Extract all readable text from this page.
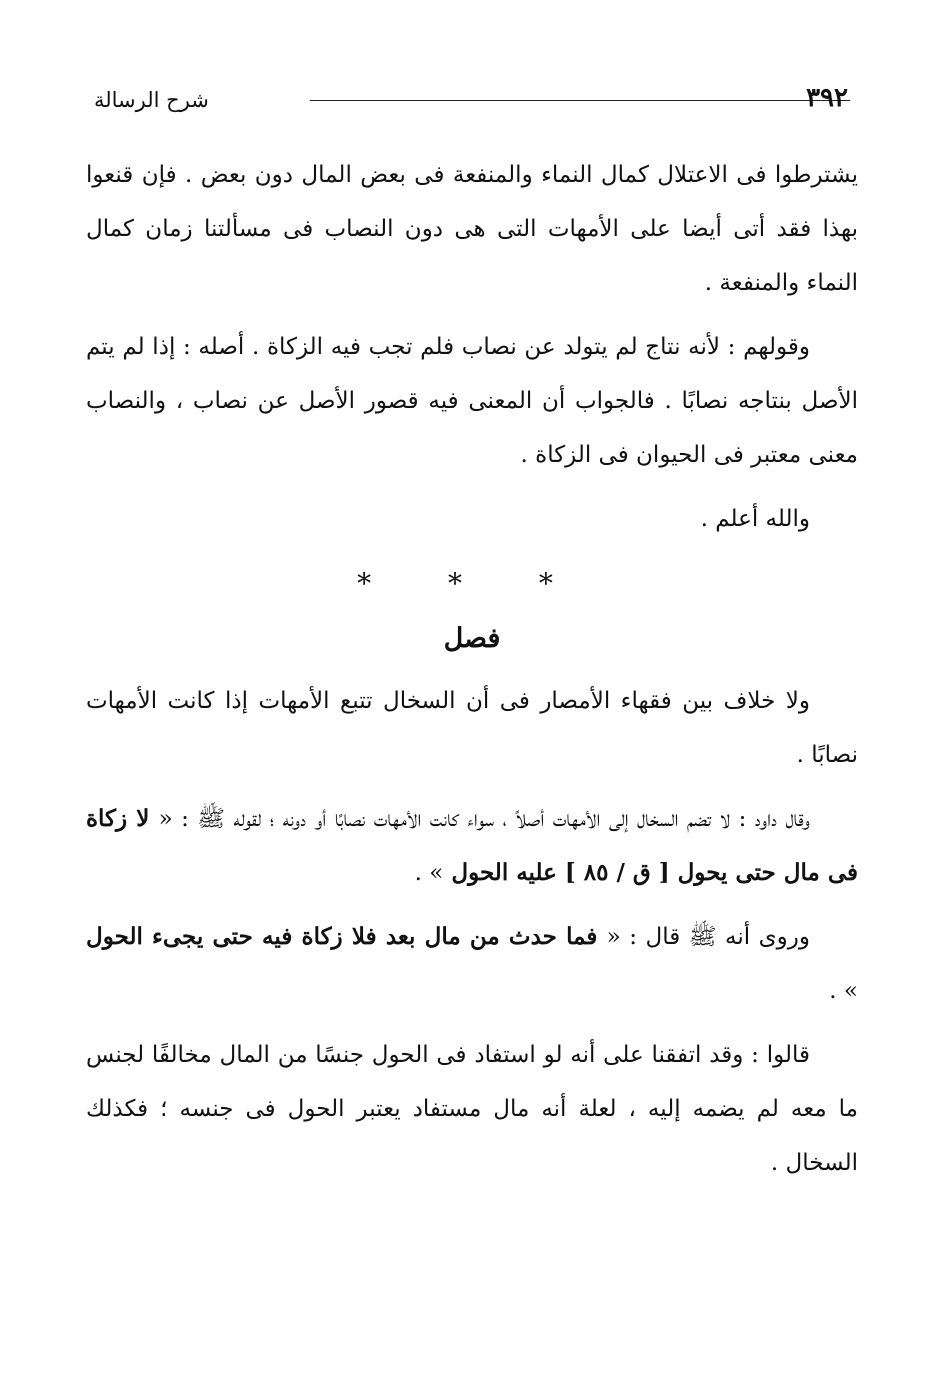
شرح الرسالة	٣٩٢

يشترطوا فى الاعتلال كمال النماء والمنفعة فى بعض المال دون بعض . فإن قنعوا بهذا فقد أتى أيضا على الأمهات التى هى دون النصاب فى مسألتنا زمان كمال النماء والمنفعة .

وقولهم : لأنه نتاج لم يتولد عن نصاب فلم تجب فيه الزكاة . أصله : إذا لم يتم الأصل بنتاجه نصابًا . فالجواب أن المعنى فيه قصور الأصل عن نصاب ، والنصاب معنى معتبر فى الحيوان فى الزكاة .

والله أعلم .

* * *
فصل

ولا خلاف بين فقهاء الأمصار فى أن السخال تتبع الأمهات إذا كانت الأمهات نصابًا .

وقال داود : لا تضم السخال إلى الأمهات أصلاً ، سواء كانت الأمهات نصابًا أو دونه ؛ لقوله ﷺ : « لا زكاة فى مال حتى يحول [ ق / ٨٥ ] عليه الحول » .

وروى أنه ﷺ قال : « فما حدث من مال بعد فلا زكاة فيه حتى يجىء الحول » .

قالوا : وقد اتفقنا على أنه لو استفاد فى الحول جنسًا من المال مخالفًا لجنس ما معه لم يضمه إليه ، لعلة أنه مال مستفاد يعتبر الحول فى جنسه ؛ فكذلك السخال .
